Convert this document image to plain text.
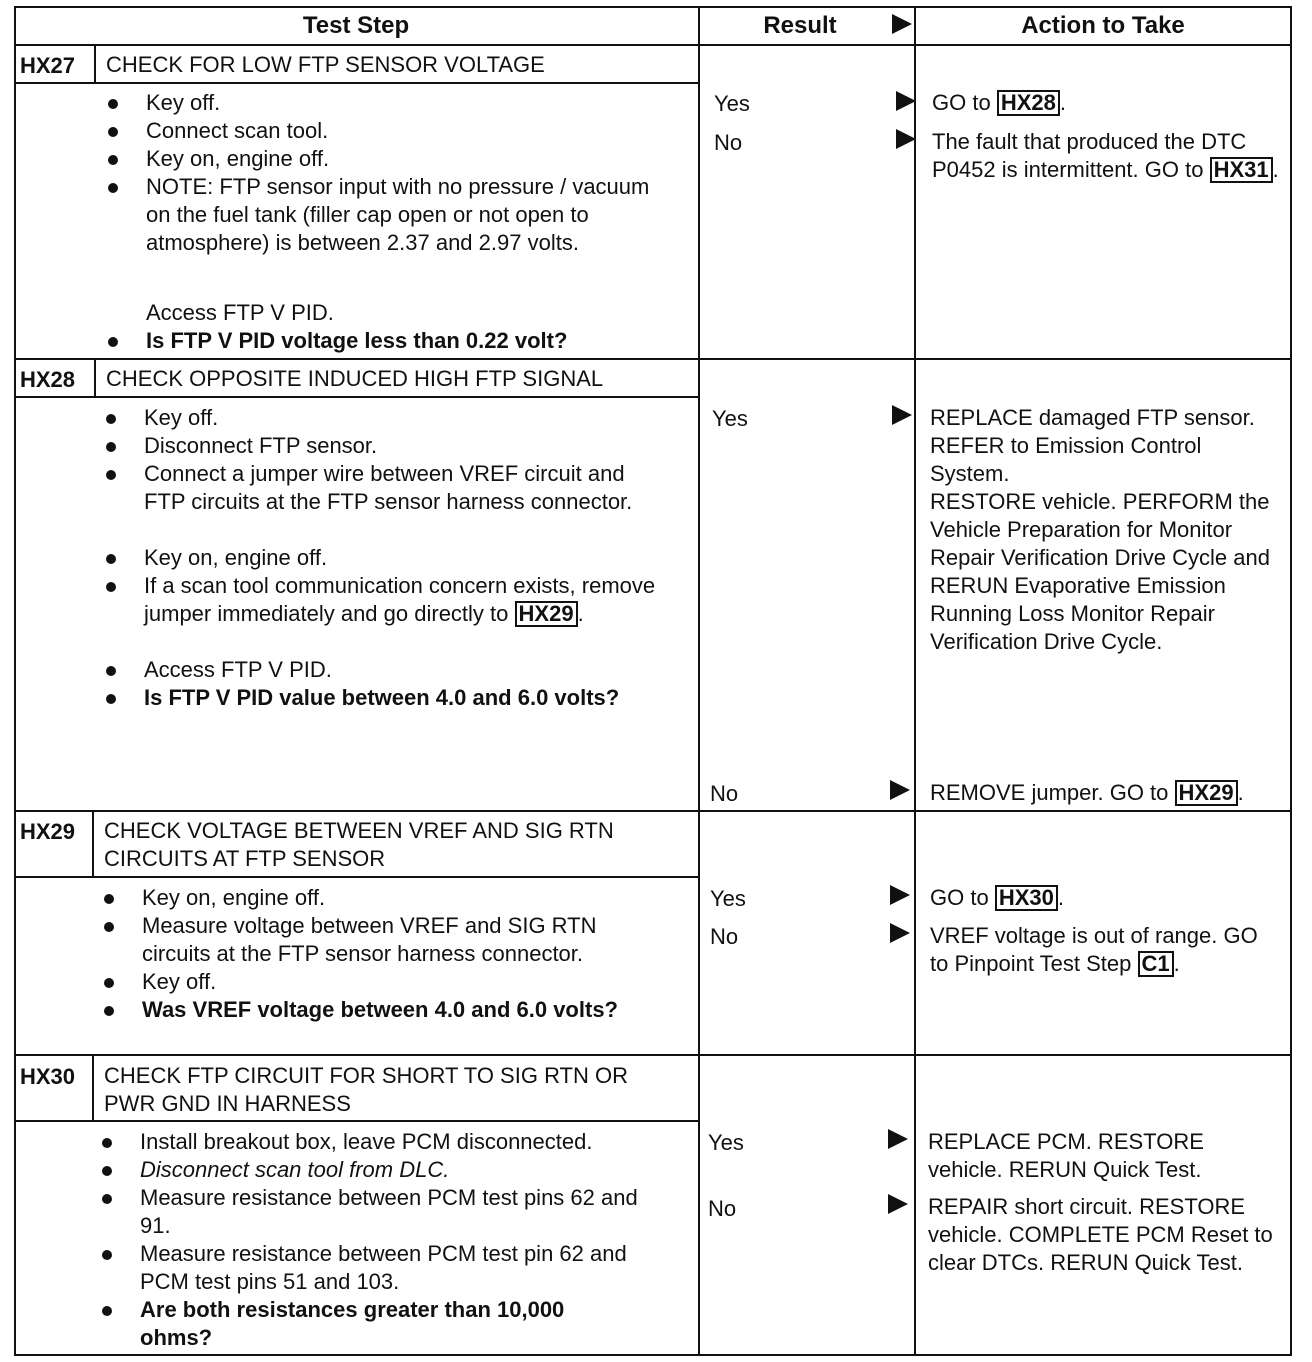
Test Step	Result	Action to Take
HX27 CHECK FOR LOW FTP SENSOR VOLTAGE
Key off.
Connect scan tool.
Key on, engine off.
NOTE: FTP sensor input with no pressure / vacuum on the fuel tank (filler cap open or not open to atmosphere) is between 2.37 and 2.97 volts.
Access FTP V PID.
Is FTP V PID voltage less than 0.22 volt?
Yes	GO to HX28 .
No	The fault that produced the DTC P0452 is intermittent. GO to HX31 .
HX28 CHECK OPPOSITE INDUCED HIGH FTP SIGNAL
Key off.
Disconnect FTP sensor.
Connect a jumper wire between VREF circuit and FTP circuits at the FTP sensor harness connector.
Key on, engine off.
If a scan tool communication concern exists, remove jumper immediately and go directly to HX29 .
Access FTP V PID.
Is FTP V PID value between 4.0 and 6.0 volts?
Yes	REPLACE damaged FTP sensor. REFER to Emission Control System.
RESTORE vehicle. PERFORM the Vehicle Preparation for Monitor Repair Verification Drive Cycle and RERUN Evaporative Emission Running Loss Monitor Repair Verification Drive Cycle.
No	REMOVE jumper. GO to HX29 .
HX29 CHECK VOLTAGE BETWEEN VREF AND SIG RTN CIRCUITS AT FTP SENSOR
Key on, engine off.
Measure voltage between VREF and SIG RTN circuits at the FTP sensor harness connector.
Key off.
Was VREF voltage between 4.0 and 6.0 volts?
Yes	GO to HX30 .
No	VREF voltage is out of range. GO to Pinpoint Test Step C1 .
HX30 CHECK FTP CIRCUIT FOR SHORT TO SIG RTN OR PWR GND IN HARNESS
Install breakout box, leave PCM disconnected.
Disconnect scan tool from DLC.
Measure resistance between PCM test pins 62 and 91.
Measure resistance between PCM test pin 62 and PCM test pins 51 and 103.
Are both resistances greater than 10,000 ohms?
Yes	REPLACE PCM. RESTORE vehicle. RERUN Quick Test.
No	REPAIR short circuit. RESTORE vehicle. COMPLETE PCM Reset to clear DTCs. RERUN Quick Test.
